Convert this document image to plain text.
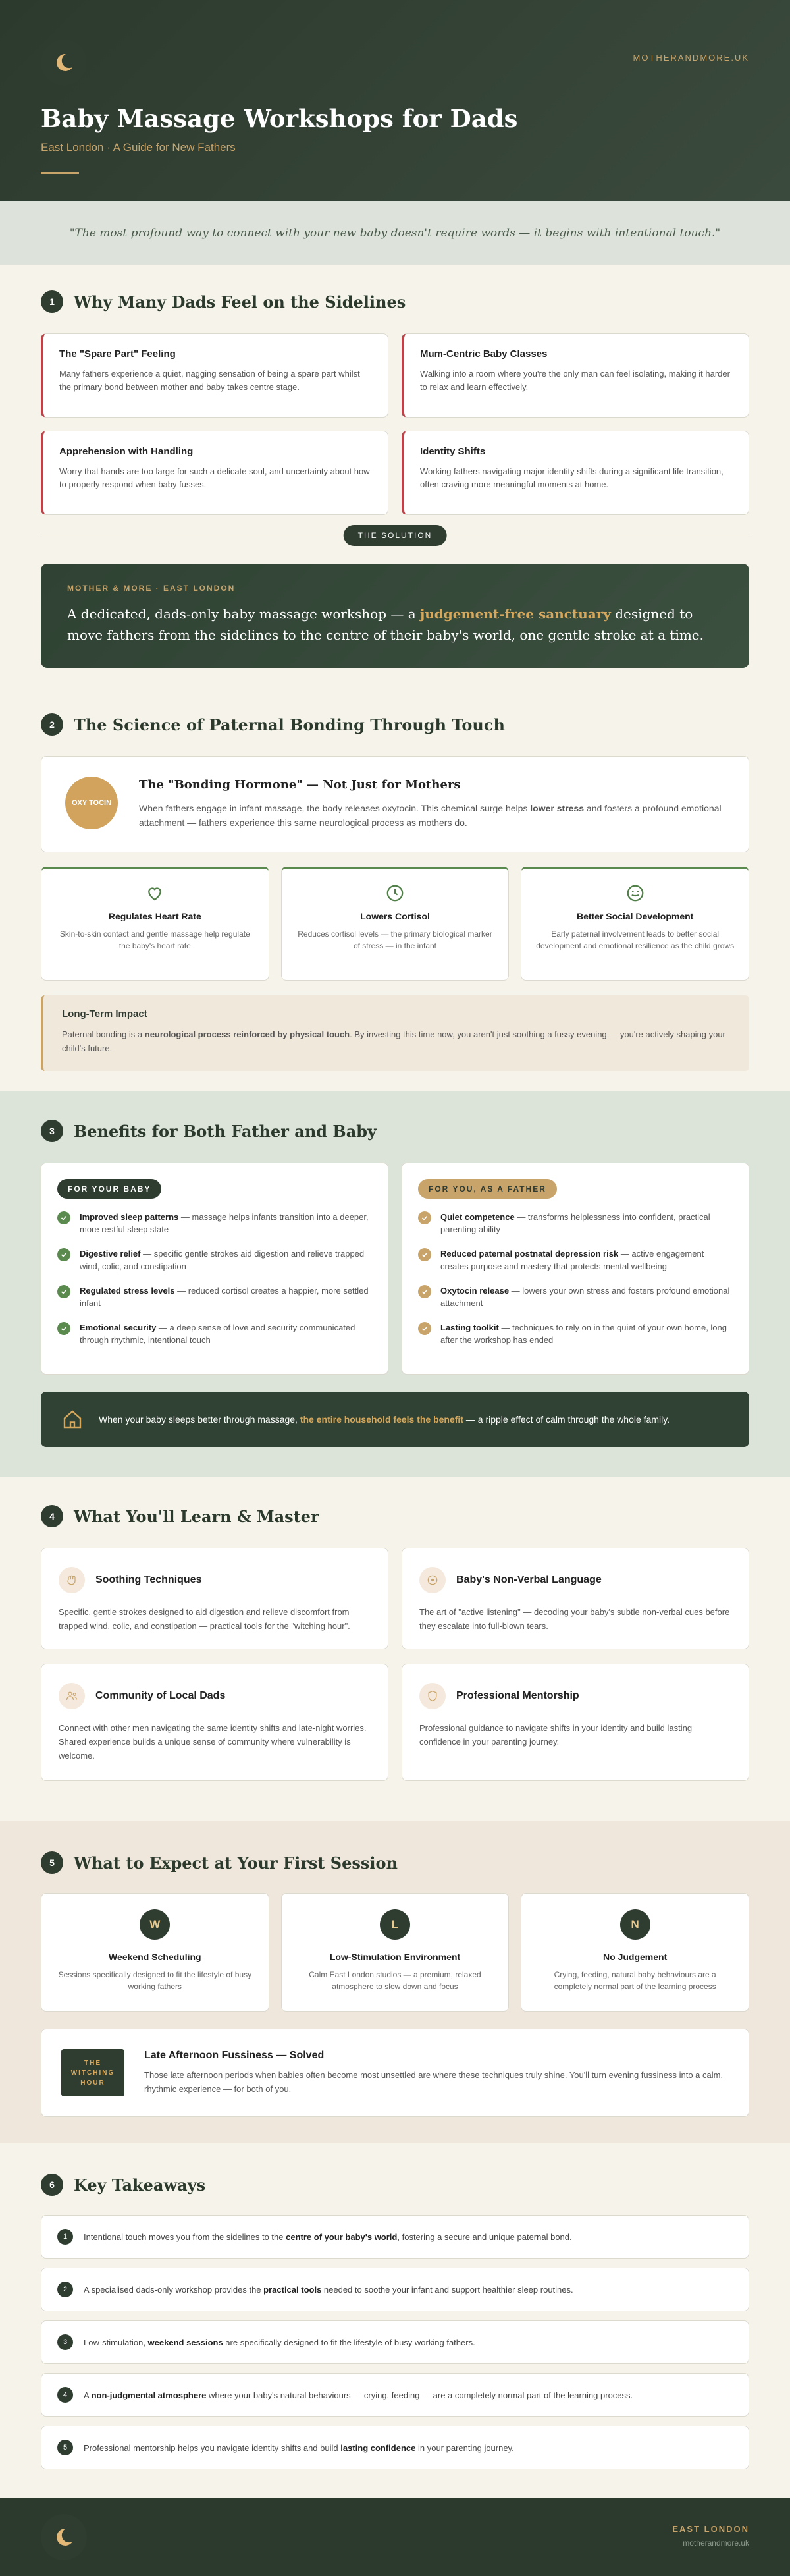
MOTHERANDMORE.UK
Baby Massage Workshops for Dads
East London · A Guide for New Fathers
"The most profound way to connect with your new baby doesn't require words — it begins with intentional touch."
1	Why Many Dads Feel on the Sidelines
The "Spare Part" Feeling

Many fathers experience a quiet, nagging sensation of being a spare part whilst the primary bond between mother and baby takes centre stage.

Mum-Centric Baby Classes

Walking into a room where you're the only man can feel isolating, making it harder to relax and learn effectively.

Apprehension with Handling

Worry that hands are too large for such a delicate soul, and uncertainty about how to properly respond when baby fusses.

Identity Shifts

Working fathers navigating major identity shifts during a significant life transition, often craving more meaningful moments at home.

THE SOLUTION
MOTHER & MORE · EAST LONDON

A dedicated, dads-only baby massage workshop — a judgement-free sanctuary designed to move fathers from the sidelines to the centre of their baby's world, one gentle stroke at a time.

2	The Science of Paternal Bonding Through Touch
OXY TOCIN
The "Bonding Hormone" — Not Just for Mothers

When fathers engage in infant massage, the body releases oxytocin. This chemical surge helps lower stress and fosters a profound emotional attachment — fathers experience this same neurological process as mothers do.

Regulates Heart Rate

Skin-to-skin contact and gentle massage help regulate the baby's heart rate

Lowers Cortisol

Reduces cortisol levels — the primary biological marker of stress — in the infant

Better Social Development

Early paternal involvement leads to better social development and emotional resilience as the child grows

Long-Term Impact

Paternal bonding is a neurological process reinforced by physical touch. By investing this time now, you aren't just soothing a fussy evening — you're actively shaping your child's future.

3	Benefits for Both Father and Baby
FOR YOUR BABY

Improved sleep patterns — massage helps infants transition into a deeper, more restful sleep state

Digestive relief — specific gentle strokes aid digestion and relieve trapped wind, colic, and constipation

Regulated stress levels — reduced cortisol creates a happier, more settled infant

Emotional security — a deep sense of love and security communicated through rhythmic, intentional touch

FOR YOU, AS A FATHER

Quiet competence — transforms helplessness into confident, practical parenting ability

Reduced paternal postnatal depression risk — active engagement creates purpose and mastery that protects mental wellbeing

Oxytocin release — lowers your own stress and fosters profound emotional attachment

Lasting toolkit — techniques to rely on in the quiet of your own home, long after the workshop has ended

When your baby sleeps better through massage, the entire household feels the benefit — a ripple effect of calm through the whole family.

4	What You'll Learn & Master
Soothing Techniques

Specific, gentle strokes designed to aid digestion and relieve discomfort from trapped wind, colic, and constipation — practical tools for the "witching hour".

Baby's Non-Verbal Language

The art of "active listening" — decoding your baby's subtle non-verbal cues before they escalate into full-blown tears.

Community of Local Dads

Connect with other men navigating the same identity shifts and late-night worries. Shared experience builds a unique sense of community where vulnerability is welcome.

Professional Mentorship

Professional guidance to navigate shifts in your identity and build lasting confidence in your parenting journey.

5	What to Expect at Your First Session
W
Weekend Scheduling

Sessions specifically designed to fit the lifestyle of busy working fathers

L
Low-Stimulation Environment

Calm East London studios — a premium, relaxed atmosphere to slow down and focus

N
No Judgement

Crying, feeding, natural baby behaviours are a completely normal part of the learning process

THE WITCHING HOUR
Late Afternoon Fussiness — Solved

Those late afternoon periods when babies often become most unsettled are where these techniques truly shine. You'll turn evening fussiness into a calm, rhythmic experience — for both of you.

6	Key Takeaways
1	Intentional touch moves you from the sidelines to the centre of your baby's world, fostering a secure and unique paternal bond.

2	A specialised dads-only workshop provides the practical tools needed to soothe your infant and support healthier sleep routines.

3	Low-stimulation, weekend sessions are specifically designed to fit the lifestyle of busy working fathers.

4	A non-judgmental atmosphere where your baby's natural behaviours — crying, feeding — are a completely normal part of the learning process.

5	Professional mentorship helps you navigate identity shifts and build lasting confidence in your parenting journey.

EAST LONDON
motherandmore.uk
